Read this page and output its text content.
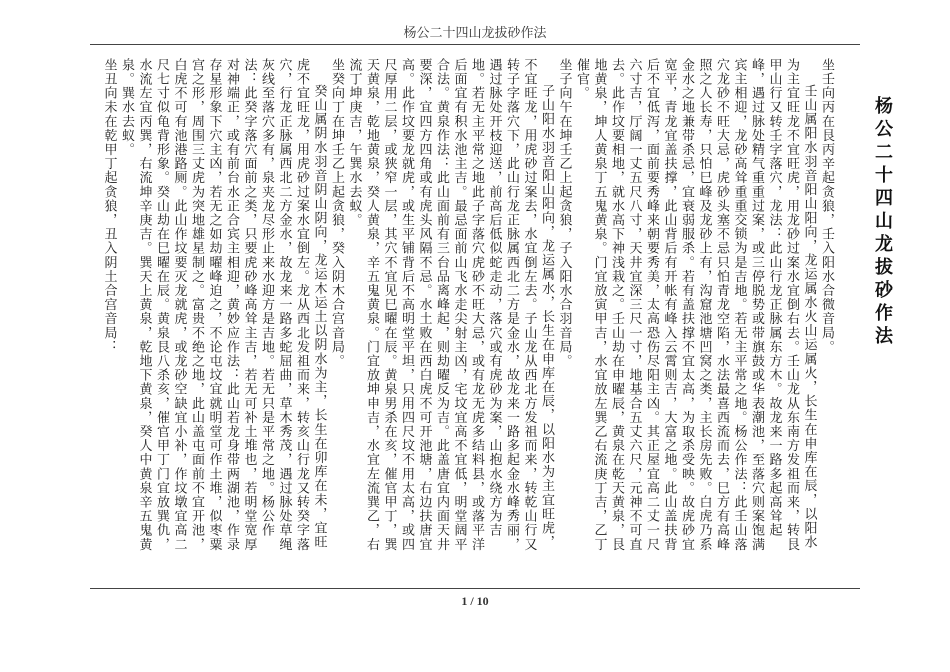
杨公二十四山龙拔砂作法
杨公二十四山龙拔砂作法

坐壬向丙在艮丙辛起贪狼，壬入阳水合微音局。

壬山属阳水羽音阳山阳向，龙运属水火山运属火，长生在申库在辰，以阳水为主宜旺龙不宜旺虎，用龙砂过案水宜倒右去。壬山龙从东南方发祖而来，转艮甲山行又转壬字落穴，龙法：此山行龙正脉属东方木。故龙来一路多起高耸起峰，遇过脉处精气重重过案，或三停脱势或带旗鼓或华表潮池，至落穴则案饱满宾主相迎，龙砂高耸重重交锁为是吉地。若无主平常之地。杨公作法：此壬山落穴龙砂不旺大忌，虎砂头塞不忌只怕青龙空陷，水法最喜西流而去，巳方有高峰照之人长寿，只怕巳峰及龙砂上有，沟窟池塘凹窝之类，主长房先败。白虎乃系金水之地兼带杀忌，宜衰弱服杀。若有盖扶撑不宜太高，为取杀受映。故虎砂宜宽平，青龙宜盖扶撑，此山背后有开帐有峰入云霄则吉，大富之地。此山盖扶背后不宜低泻，面前要秀峰来朝要秀美，太高恐伤尽阳主凶。其正屋宜高二丈一尺六寸吉，厅阔一丈五尺八寸，天井宜深三尺一寸，地基合五丈六尺，元神不可直去。此作坟要相地，就水高下神浅栽之。壬山劫在申曜辰，黄泉在乾天黄泉，艮地黄泉，坤人黄泉丁五鬼黄泉。门宜放寅甲吉，水宜放左巽乙右流庚丁吉，乙丁催官。

坐子向午在坤壬乙上起贪狼，子入阳水合羽音局。

子山阳水羽音阳山阳向，龙运属水，长生在申库在辰，以阳水为主宜旺虎，不宜旺龙，用虎砂过案去，水宜倒左去。子山龙从西北方发祖而来，转乾山行又转子字落穴下，此山行龙正脉属西北二方是金水，故龙来一路多起金水峰秀丽，遇过脉处开枝迎送，前高后低似蛇走动，落穴或有虎砂为案，山抱水绕方为吉地。若无主平常之地此子字落穴虎砂不旺大忌，或有龙无虎多结料县，或落平洋后面宜有积水池主吉。最忌面前山飞水走尖射主凶，宅坟宜高不宜低，明堂阔平合法。黄泉作法：此山面前有三台品离峰起，则劫曜反为吉。此盖唐宜内面天井要深，宜四方四角或有虎头风隔不忌。水土败在西白虎不可开池塘，右边扶唐宜高。此作坟要龙就虎，或生平铺背后不高明堂平坦，只用四尺坟不用太高，或四尺厚用二层，或狭窄一层，其穴不宜见巳曜在辰。黄泉男杀在亥，催官甲丁，巽天黄泉，乾地黄泉，癸人黄泉，辛五鬼黄泉。门宜放坤申吉，水宜左流巽乙，右流丁坤庚吉，午巽水去蚁。

坐癸向丁在坤壬乙上起贪狼，癸入阴木合宫音局。

癸山属阴水羽音阴山阴向，龙运木运土以阴水为主，长生在卯库在未，宜旺虎不宜旺龙，用虎砂过案水宜倒左。龙从西北发祖而来，转亥山行龙又转癸字落穴，行龙正脉属西北二方金水，故龙来一路多蛇屈曲，草木秀茂，遇过脉处草绳灰线至落穴多有，泉夹龙尽形止来水迎方是吉地。若无只是平常之地。杨公作法：此癸字落穴面前之类，只要虎砂峰高耸主吉，若无可补土堆也，若明堂宽厚对神端正，或有前台水正合宾主相迎，黄妙应作法：此山若龙身带两湖池，作录存星形象下穴主凶，若无之如劫曜峰迫之，不论屯坟宜就明堂可作土堆，似枣粟宫之形，周围三丈虎为突地雄星制之。富贵不绝之地，此山盖屯面前不宜开池，白虎不可有池港路厕。此山作坟要灭龙就虎，或龙砂空缺宜小补，作坟墩宜高二尺七寸似龟背形象。癸山劫在巳曜在辰。黄泉艮八杀亥，催官甲丁门宜放巽仇，水流左宜丙巽，右流坤辛庚吉。巽天上黄泉，乾地下黄泉，癸人中黄泉辛五鬼黄泉。巽水去蚁。

坐丑向未在乾甲丁起贪狼，丑入阴土合宫音局：

1 / 10
